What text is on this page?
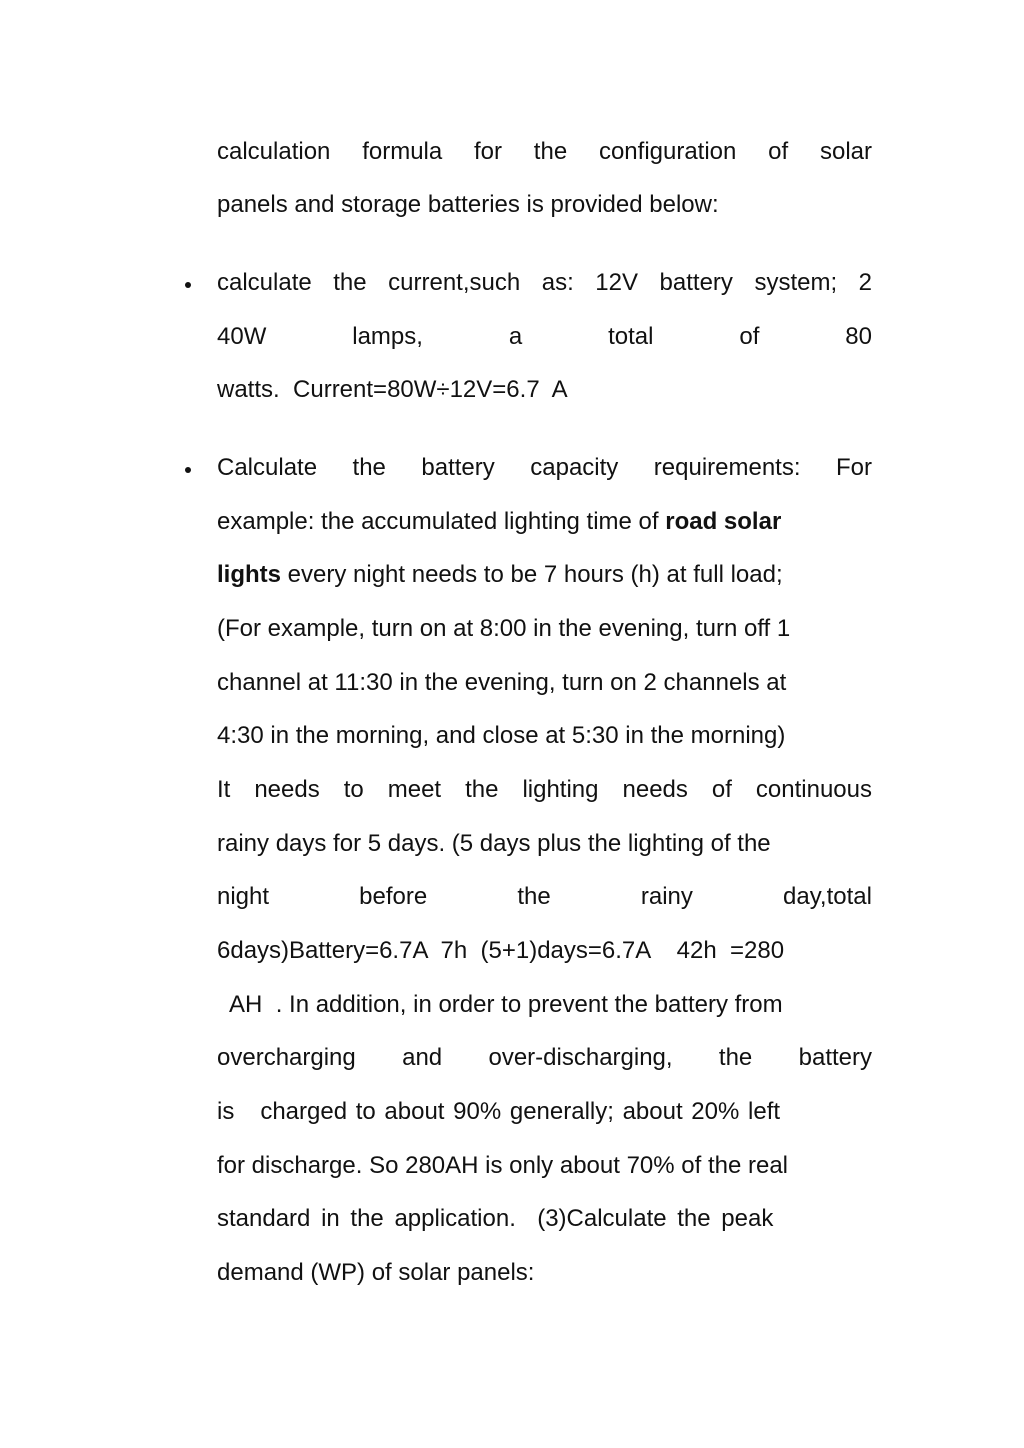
calculation formula for the configuration of solar
panels and storage batteries is provided below:
calculate the current,such as: 12V battery system; 2
40W	lamps,	a	total	of	80
watts.  Current=80W÷12V=6.7  A
Calculate the battery capacity requirements: For
example: the accumulated lighting time of road solar
lights every night needs to be 7 hours (h) at full load;
(For example, turn on at 8:00 in the evening, turn off 1
channel at 11:30 in the evening, turn on 2 channels at
4:30 in the morning, and close at 5:30 in the morning)
It needs to meet the lighting needs of continuous
rainy days for 5 days. (5 days plus the lighting of the
night	before	the	rainy	day,total
6days)Battery=6.7A  7h  (5+1)days=6.7A    42h  =280
AH  . In addition, in order to prevent the battery from
overcharging and over-discharging, the battery
is   charged to about 90% generally; about 20% left
for discharge. So 280AH is only about 70% of the real
standard in the application.  (3)Calculate the peak
demand (WP) of solar panels:
